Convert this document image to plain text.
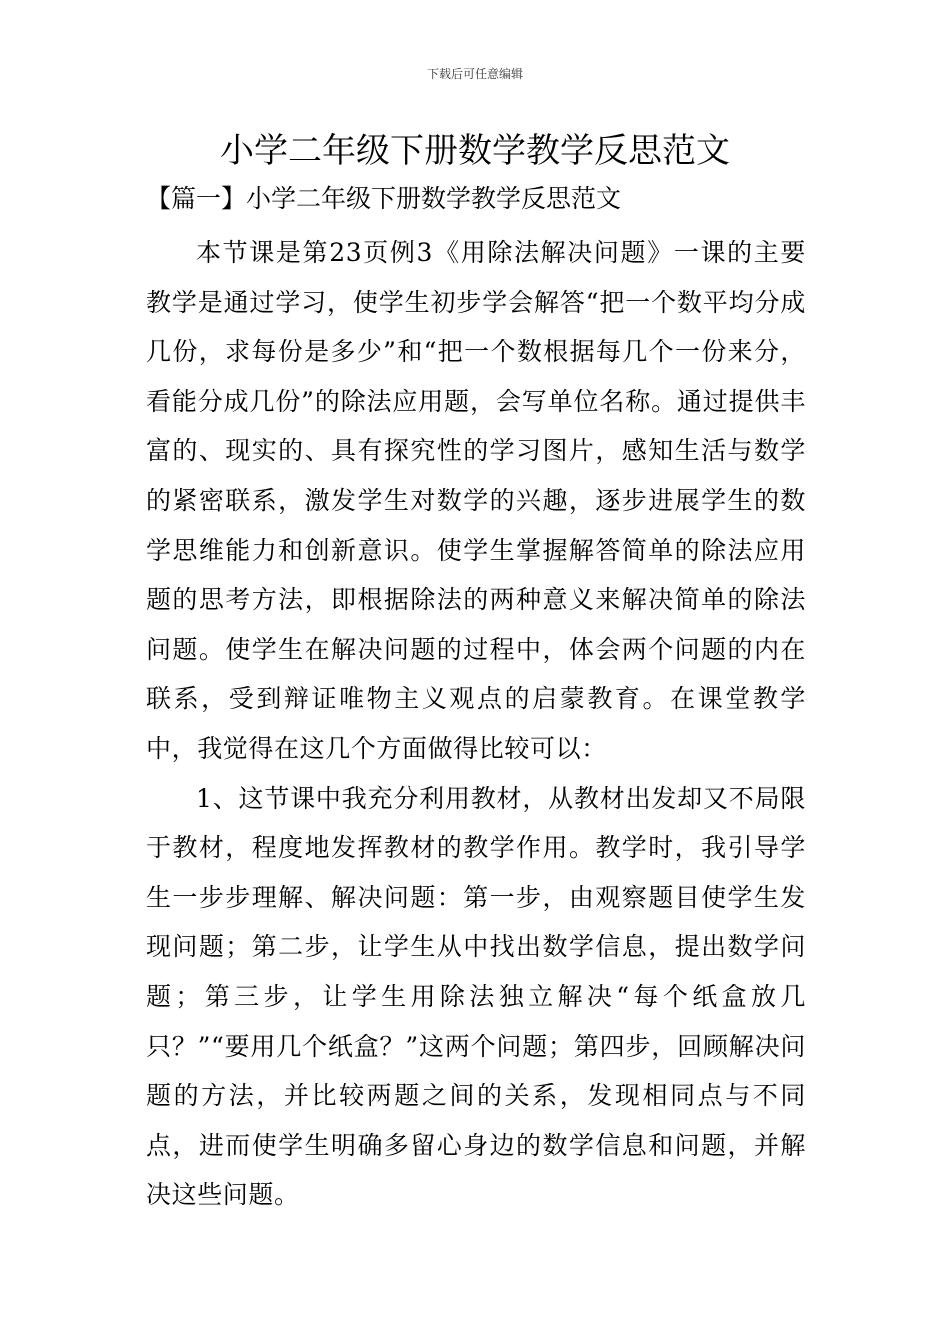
下载后可任意编辑
小学二年级下册数学教学反思范文

【篇一】小学二年级下册数学教学反思范文

本节课是第23页例3《用除法解决问题》一课的主要教学是通过学习，使学生初步学会解答“把一个数平均分成几份，求每份是多少”和“把一个数根据每几个一份来分，看能分成几份”的除法应用题，会写单位名称。通过提供丰富的、现实的、具有探究性的学习图片，感知生活与数学的紧密联系，激发学生对数学的兴趣，逐步进展学生的数学思维能力和创新意识。使学生掌握解答简单的除法应用题的思考方法，即根据除法的两种意义来解决简单的除法问题。使学生在解决问题的过程中，体会两个问题的内在联系，受到辩证唯物主义观点的启蒙教育。在课堂教学中，我觉得在这几个方面做得比较可以：

1、这节课中我充分利用教材，从教材出发却又不局限于教材，程度地发挥教材的教学作用。教学时，我引导学生一步步理解、解决问题：第一步，由观察题目使学生发现问题；第二步，让学生从中找出数学信息，提出数学问题；第三步，让学生用除法独立解决“每个纸盒放几只？”“要用几个纸盒？”这两个问题；第四步，回顾解决问题的方法，并比较两题之间的关系，发现相同点与不同点，进而使学生明确多留心身边的数学信息和问题，并解决这些问题。
